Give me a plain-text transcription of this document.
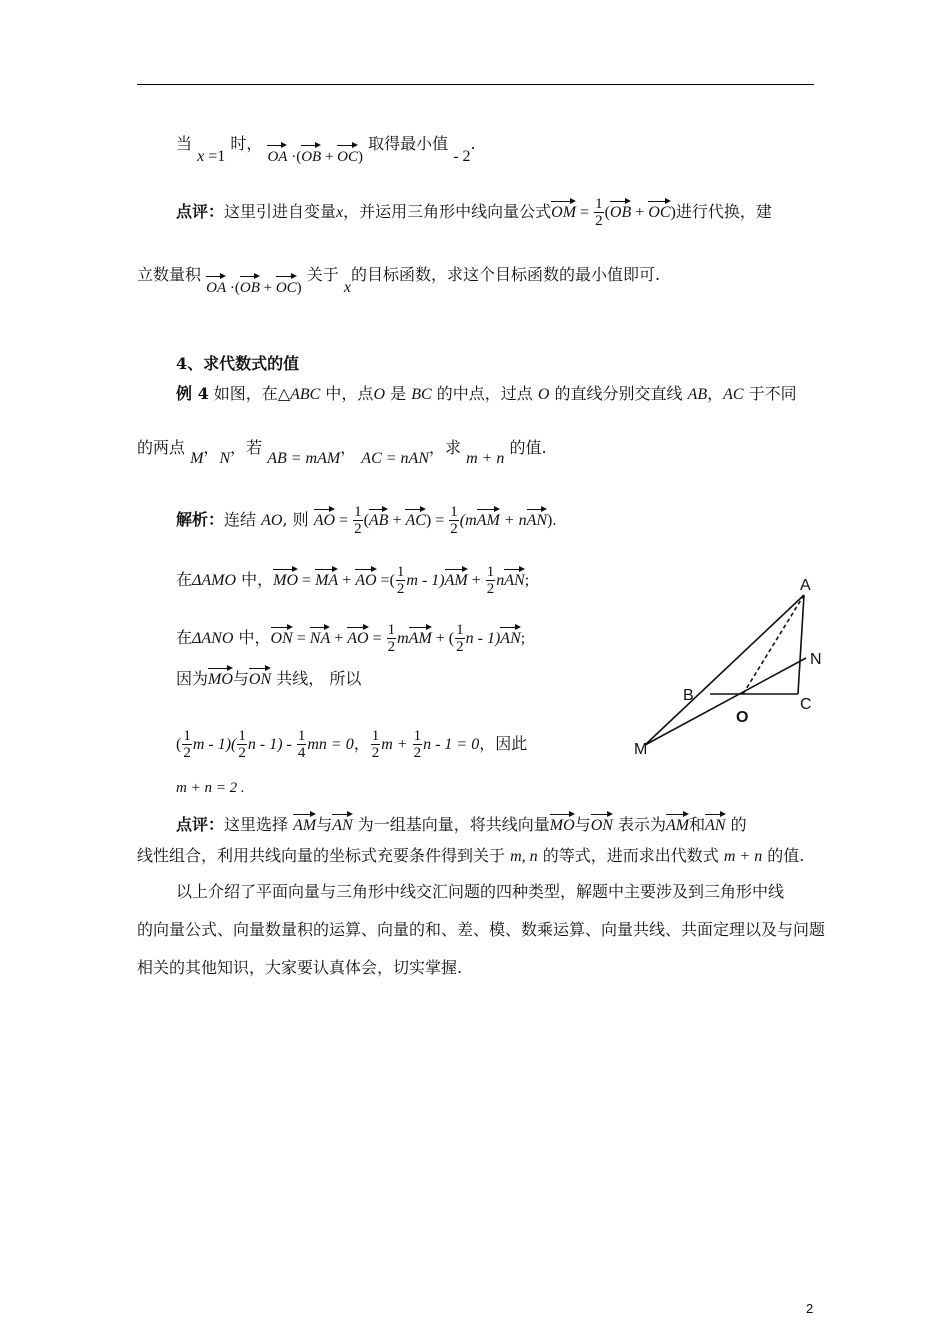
当 x =1 时， OA ·(OB + OC) 取得最小值 - 2.
点评：这里引进自变量x，并运用三角形中线向量公式OM = $\frac{1}{2} (OB + OC)$进行代换，建
立数量积 OA ·(OB + OC) 关于 x的目标函数，求这个目标函数的最小值即可.
4、求代数式的值
例 4 如图，在△ABC 中，点O 是 BC 的中点，过点 O 的直线分别交直线 AB，AC 于不同
的两点 M，N，若 AB = mAM， AC = nAN，求 m + n 的值.
解析：连结 AO, 则 AO = $\frac{1}{2} (AB + AC) = \frac{1}{2} (mAM + nAN)$.
在ΔAMO 中，MO = MA + AO =( $\frac{1}{2}$ $m - 1)AM + \frac{1}{2}$ nAN;
在ΔANO 中，ON = NA + AO = $\frac{1}{2}$ mAM + ( $\frac{1}{2}$ n - 1)AN;
因为MO与ON 共线， 所以
( $\frac{1}{2}$ m - $1)( \frac{1}{2}$ n - $1) - \frac{1}{4}$ mn = 0， $\frac{1}{2}$ $m + \frac{1}{2}$ n - 1 = 0，因此
m + n = 2 .
点评：这里选择 AM与AN 为一组基向量，将共线向量MO与ON 表示为AM和AN 的
线性组合，利用共线向量的坐标式充要条件得到关于 m, n 的等式，进而求出代数式 m + n 的值.
以上介绍了平面向量与三角形中线交汇问题的四种类型，解题中主要涉及到三角形中线
的向量公式、向量数量积的运算、向量的和、差、模、数乘运算、向量共线、共面定理以及与问题
相关的其他知识，大家要认真体会，切实掌握.
A
B
C
N
O
M
2
